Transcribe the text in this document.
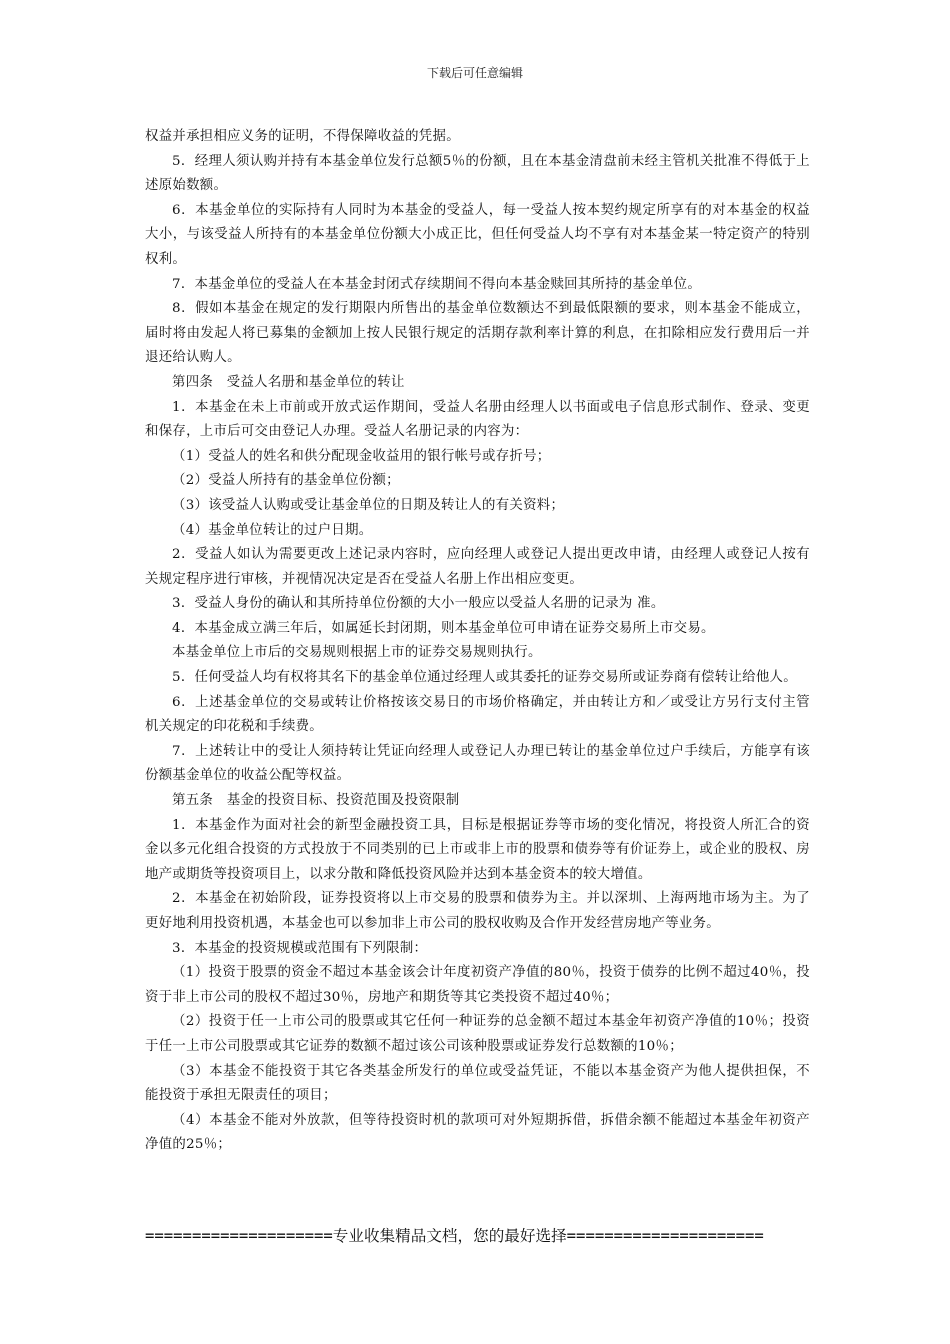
下载后可任意编辑

权益并承担相应义务的证明，不得保障收益的凭据。

5．经理人须认购并持有本基金单位发行总额5％的份额，且在本基金清盘前未经主管机关批准不得低于上述原始数额。

6．本基金单位的实际持有人同时为本基金的受益人，每一受益人按本契约规定所享有的对本基金的权益大小，与该受益人所持有的本基金单位份额大小成正比，但任何受益人均不享有对本基金某一特定资产的特别权利。

7．本基金单位的受益人在本基金封闭式存续期间不得向本基金赎回其所持的基金单位。

8．假如本基金在规定的发行期限内所售出的基金单位数额达不到最低限额的要求，则本基金不能成立，届时将由发起人将已募集的金额加上按人民银行规定的活期存款利率计算的利息，在扣除相应发行费用后一并退还给认购人。

第四条　受益人名册和基金单位的转让

1．本基金在未上市前或开放式运作期间，受益人名册由经理人以书面或电子信息形式制作、登录、变更和保存，上市后可交由登记人办理。受益人名册记录的内容为：

（1）受益人的姓名和供分配现金收益用的银行帐号或存折号；

（2）受益人所持有的基金单位份额；

（3）该受益人认购或受让基金单位的日期及转让人的有关资料；

（4）基金单位转让的过户日期。

2．受益人如认为需要更改上述记录内容时，应向经理人或登记人提出更改申请，由经理人或登记人按有关规定程序进行审核，并视情况决定是否在受益人名册上作出相应变更。

3．受益人身份的确认和其所持单位份额的大小一般应以受益人名册的记录为 准。

4．本基金成立满三年后，如属延长封闭期，则本基金单位可申请在证券交易所上市交易。

本基金单位上市后的交易规则根据上市的证券交易规则执行。

5．任何受益人均有权将其名下的基金单位通过经理人或其委托的证券交易所或证券商有偿转让给他人。

6．上述基金单位的交易或转让价格按该交易日的市场价格确定，并由转让方和／或受让方另行支付主管机关规定的印花税和手续费。

7．上述转让中的受让人须持转让凭证向经理人或登记人办理已转让的基金单位过户手续后，方能享有该份额基金单位的收益公配等权益。

第五条　基金的投资目标、投资范围及投资限制

1．本基金作为面对社会的新型金融投资工具，目标是根据证券等市场的变化情况，将投资人所汇合的资金以多元化组合投资的方式投放于不同类别的已上市或非上市的股票和债券等有价证券上，或企业的股权、房地产或期货等投资项目上，以求分散和降低投资风险并达到本基金资本的较大增值。

2．本基金在初始阶段，证券投资将以上市交易的股票和债券为主。并以深圳、上海两地市场为主。为了更好地利用投资机遇，本基金也可以参加非上市公司的股权收购及合作开发经营房地产等业务。

3．本基金的投资规模或范围有下列限制：

（1）投资于股票的资金不超过本基金该会计年度初资产净值的80％，投资于债券的比例不超过40％，投资于非上市公司的股权不超过30％，房地产和期货等其它类投资不超过40％；

（2）投资于任一上市公司的股票或其它任何一种证券的总金额不超过本基金年初资产净值的10％；投资于任一上市公司股票或其它证券的数额不超过该公司该种股票或证券发行总数额的10％；

（3）本基金不能投资于其它各类基金所发行的单位或受益凭证，不能以本基金资产为他人提供担保，不能投资于承担无限责任的项目；

（4）本基金不能对外放款，但等待投资时机的款项可对外短期拆借，拆借余额不能超过本基金年初资产净值的25％；

====================专业收集精品文档，您的最好选择=====================
